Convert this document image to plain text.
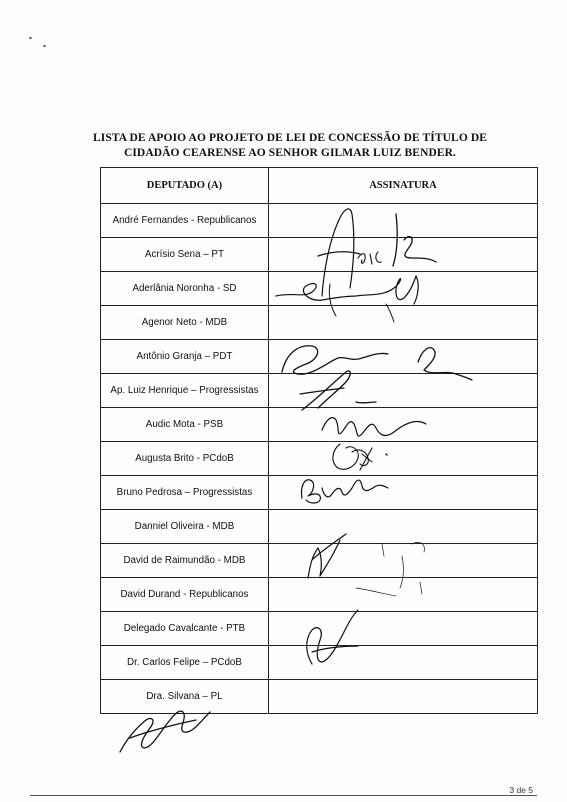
LISTA DE APOIO AO PROJETO DE LEI DE CONCESSÃO DE TÍTULO DE
CIDADÃO CEARENSE AO SENHOR GILMAR LUIZ BENDER.
DEPUTADO (A)	ASSINATURA
André Fernandes - Republicanos	
Acrísio Sena – PT	
Aderlânia Noronha - SD	
Agenor Neto - MDB	
Antônio Granja – PDT	
Ap. Luiz Henrique – Progressistas	
Audic Mota - PSB	
Augusta Brito - PCdoB	
Bruno Pedrosa – Progressistas	
Danniel Oliveira - MDB	
David de Raimundão - MDB	
David Durand - Republicanos	
Delegado Cavalcante - PTB	
Dr. Carlos Felipe – PCdoB	
Dra. Silvana – PL	
3 de 5
